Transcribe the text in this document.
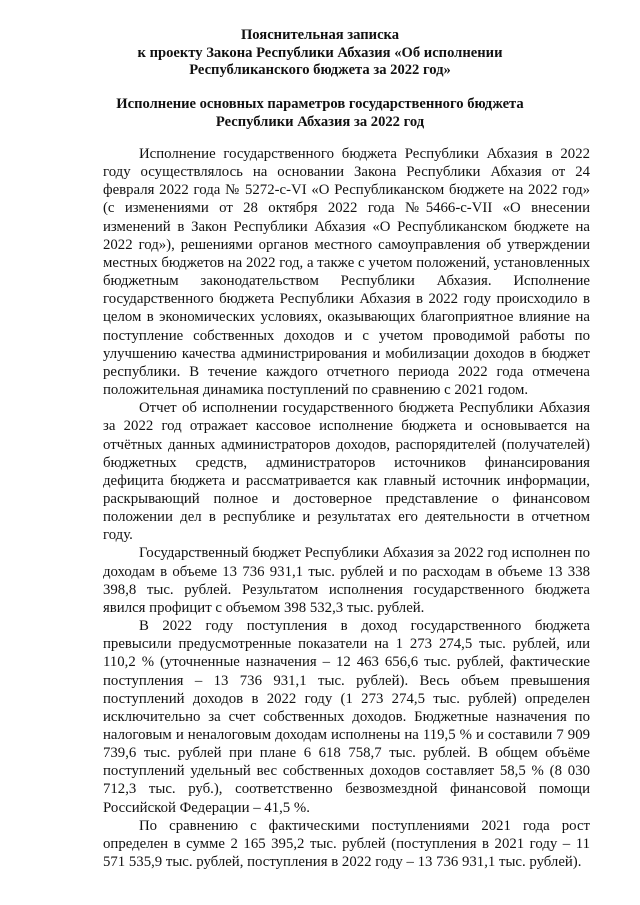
Пояснительная записка
к проекту Закона Республики Абхазия «Об исполнении
Республиканского бюджета за 2022 год»
Исполнение основных параметров государственного бюджета
Республики Абхазия за 2022 год

Исполнение государственного бюджета Республики Абхазия в 2022 году осуществлялось на основании Закона Республики Абхазия от 24 февраля 2022 года № 5272-с-VI «О Республиканском бюджете на 2022 год» (с изменениями от 28 октября 2022 года №5466-с-VII «О внесении изменений в Закон Республики Абхазия «О Республиканском бюджете на 2022 год»), решениями органов местного самоуправления об утверждении местных бюджетов на 2022 год, а также с учетом положений, установленных бюджетным законодательством Республики Абхазия. Исполнение государственного бюджета Республики Абхазия в 2022 году происходило в целом в экономических условиях, оказывающих благоприятное влияние на поступление собственных доходов и с учетом проводимой работы по улучшению качества администрирования и мобилизации доходов в бюджет республики. В течение каждого отчетного периода 2022 года отмечена положительная динамика поступлений по сравнению с 2021 годом.

Отчет об исполнении государственного бюджета Республики Абхазия за 2022 год отражает кассовое исполнение бюджета и основывается на отчётных данных администраторов доходов, распорядителей (получателей) бюджетных средств, администраторов источников финансирования дефицита бюджета и рассматривается как главный источник информации, раскрывающий полное и достоверное представление о финансовом положении дел в республике и результатах его деятельности в отчетном году.

Государственный бюджет Республики Абхазия за 2022 год исполнен по доходам в объеме 13 736 931,1 тыс. рублей и по расходам в объеме 13 338 398,8 тыс. рублей. Результатом исполнения государственного бюджета явился профицит с объемом 398 532,3 тыс. рублей.

В 2022 году поступления в доход государственного бюджета превысили предусмотренные показатели на 1 273 274,5 тыс. рублей, или 110,2 % (уточненные назначения – 12 463 656,6 тыс. рублей, фактические поступления – 13 736 931,1 тыс. рублей). Весь объем превышения поступлений доходов в 2022 году (1 273 274,5 тыс. рублей) определен исключительно за счет собственных доходов. Бюджетные назначения по налоговым и неналоговым доходам исполнены на 119,5 % и составили 7 909 739,6 тыс. рублей при плане 6 618 758,7 тыс. рублей. В общем объёме поступлений удельный вес собственных доходов составляет 58,5 % (8 030 712,3 тыс. руб.), соответственно безвозмездной финансовой помощи Российской Федерации – 41,5 %.

По сравнению с фактическими поступлениями 2021 года рост определен в сумме 2 165 395,2 тыс. рублей (поступления в 2021 году – 11 571 535,9 тыс. рублей, поступления в 2022 году – 13 736 931,1 тыс. рублей).
